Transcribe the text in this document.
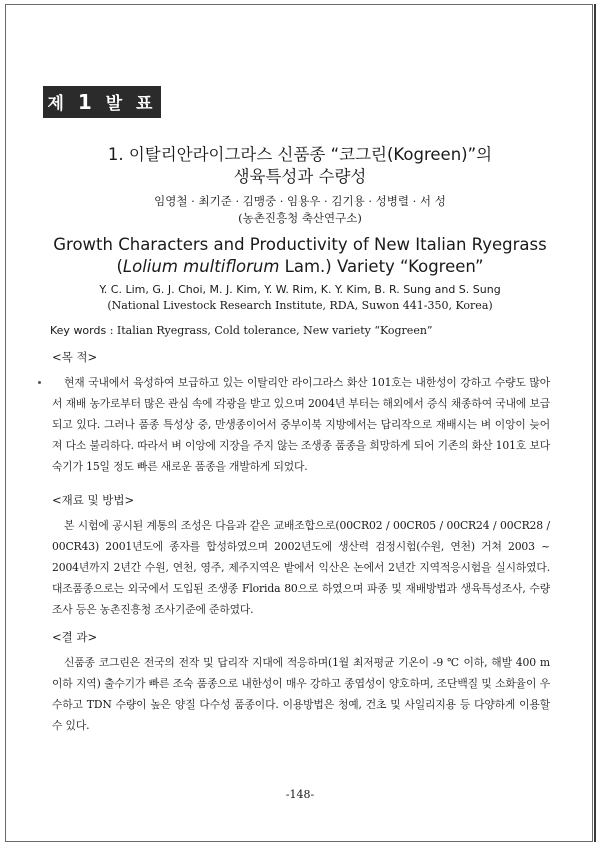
제 1 발 표
1. 이탈리안라이그라스 신품종 “코그린(Kogreen)”의
생육특성과 수량성
임영철 · 최기준 · 김맹중 · 임용우 · 김기용 · 성병렬 · 서 성
(농촌진흥청 축산연구소)
Growth Characters and Productivity of New Italian Ryegrass
(Lolium multiflorum Lam.) Variety “Kogreen”
Y. C. Lim, G. J. Choi, M. J. Kim, Y. W. Rim, K. Y. Kim, B. R. Sung and S. Sung
(National Livestock Research Institute, RDA, Suwon 441-350, Korea)
Key words : Italian Ryegrass, Cold tolerance, New variety “Kogreen”
<목 적>
현재 국내에서 육성하여 보급하고 있는 이탈리안 라이그라스 화산 101호는 내한성이 강하고 수량도 많아서 재배 농가로부터 많은 관심 속에 각광을 받고 있으며 2004년 부터는 해외에서 증식 채종하여 국내에 보급되고 있다. 그러나 품종 특성상 중, 만생종이어서 중부이북 지방에서는 답리작으로 재배시는 벼 이앙이 늦어져 다소 불리하다. 따라서 벼 이앙에 지장을 주지 않는 조생종 품종을 희망하게 되어 기존의 화산 101호 보다 숙기가 15일 정도 빠른 새로운 품종을 개발하게 되었다.
<재료 및 방법>
본 시험에 공시된 계통의 조성은 다음과 같은 교배조합으로(00CR02 / 00CR05 / 00CR24 / 00CR28 / 00CR43) 2001년도에 종자를 합성하였으며 2002년도에 생산력 검정시험(수원, 연천) 거쳐 2003 ~ 2004년까지 2년간 수원, 연천, 영주, 제주지역은 밭에서 익산은 논에서 2년간 지역적응시험을 실시하였다. 대조품종으로는 외국에서 도입된 조생종 Florida 80으로 하였으며 파종 및 재배방법과 생육특성조사, 수량조사 등은 농촌진흥청 조사기준에 준하였다.
<결 과>
신품종 코그린은 전국의 전작 및 답리작 지대에 적응하며(1월 최저평균 기온이 -9 ℃ 이하, 해발 400 m 이하 지역) 출수기가 빠른 조숙 품종으로 내한성이 매우 강하고 종엽성이 양호하며, 조단백질 및 소화율이 우수하고 TDN 수량이 높은 양질 다수성 품종이다. 이용방법은 청예, 건초 및 사일리지용 등 다양하게 이용할 수 있다.
-148-
